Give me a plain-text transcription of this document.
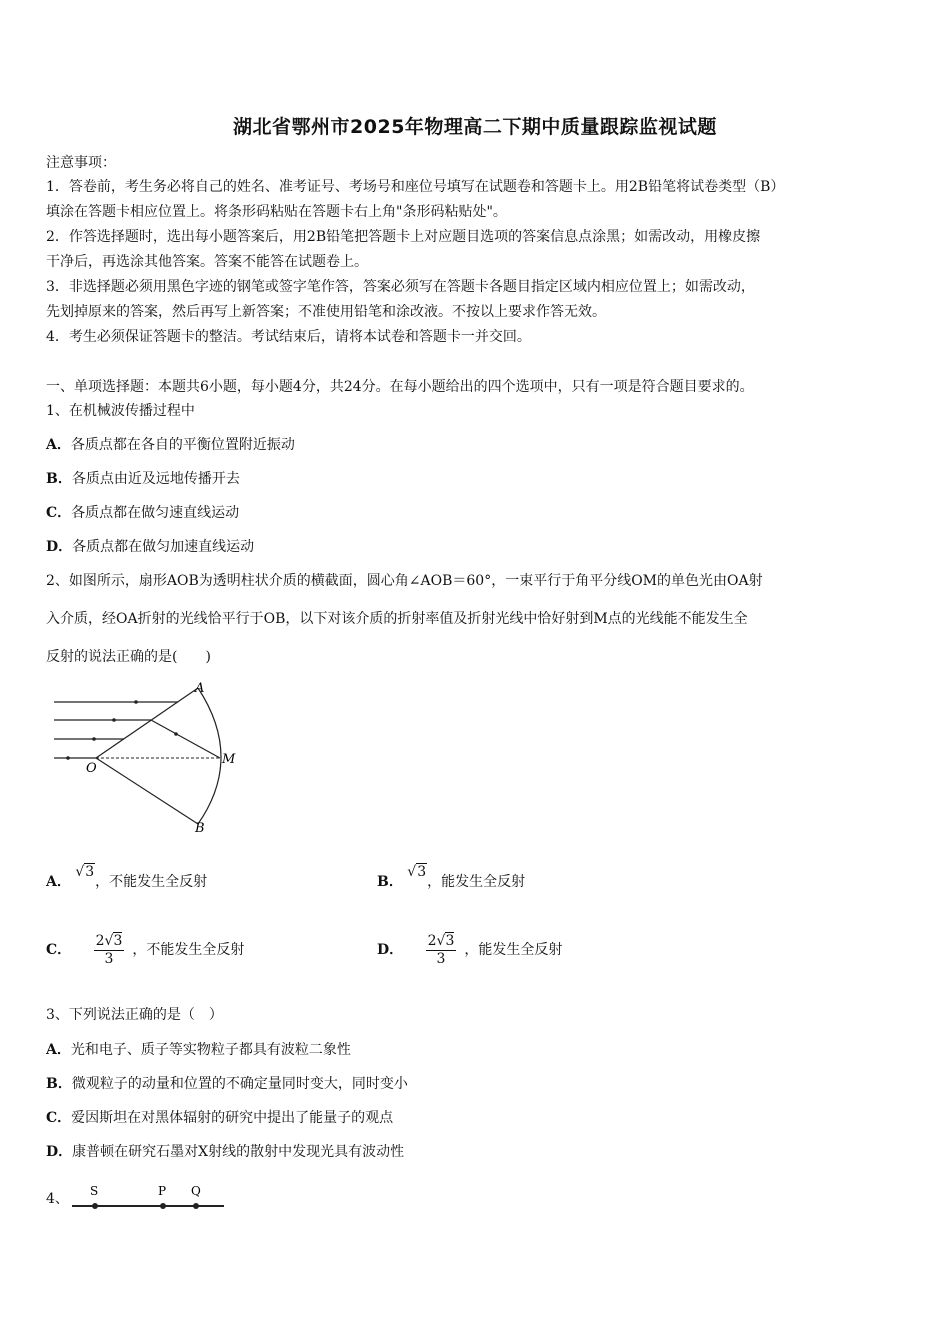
湖北省鄂州市2025年物理高二下期中质量跟踪监视试题
注意事项：
1．答卷前，考生务必将自己的姓名、准考证号、考场号和座位号填写在试题卷和答题卡上。用2B铅笔将试卷类型（B）
填涂在答题卡相应位置上。将条形码粘贴在答题卡右上角"条形码粘贴处"。
2．作答选择题时，选出每小题答案后，用2B铅笔把答题卡上对应题目选项的答案信息点涂黑；如需改动，用橡皮擦
干净后，再选涂其他答案。答案不能答在试题卷上。
3．非选择题必须用黑色字迹的钢笔或签字笔作答，答案必须写在答题卡各题目指定区域内相应位置上；如需改动，
先划掉原来的答案，然后再写上新答案；不准使用铅笔和涂改液。不按以上要求作答无效。
4．考生必须保证答题卡的整洁。考试结束后，请将本试卷和答题卡一并交回。
一、单项选择题：本题共6小题，每小题4分，共24分。在每小题给出的四个选项中，只有一项是符合题目要求的。
1、在机械波传播过程中
A．各质点都在各自的平衡位置附近振动
B．各质点由近及远地传播开去
C．各质点都在做匀速直线运动
D．各质点都在做匀加速直线运动
2、如图所示，扇形AOB为透明柱状介质的横截面，圆心角∠AOB＝60°，一束平行于角平分线OM的单色光由OA射
入介质，经OA折射的光线恰平行于OB，以下对该介质的折射率值及折射光线中恰好射到M点的光线能不能发生全
反射的说法正确的是(　　)
A
B
O
M
A． √3，不能发生全反射	B． √3，能发生全反射
C． $\frac{2√3}{3}$ ，不能发生全反射	D． $\frac{2√3}{3}$ ，能发生全反射
3、下列说法正确的是（　）
A．光和电子、质子等实物粒子都具有波粒二象性
B．微观粒子的动量和位置的不确定量同时变大，同时变小
C．爱因斯坦在对黑体辐射的研究中提出了能量子的观点
D．康普顿在研究石墨对X射线的散射中发现光具有波动性
4、 S	P Q
